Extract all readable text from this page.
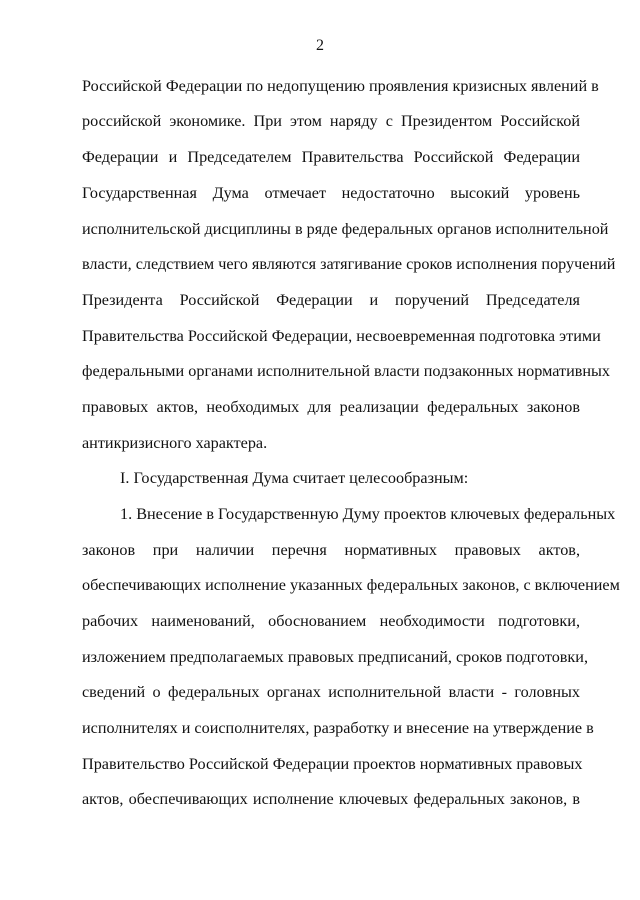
2
Российской Федерации по недопущению проявления кризисных явлений в
российской экономике. При этом наряду с Президентом Российской
Федерации и Председателем Правительства Российской Федерации
Государственная Дума отмечает недостаточно высокий уровень
исполнительской дисциплины в ряде федеральных органов исполнительной
власти, следствием чего являются затягивание сроков исполнения поручений
Президента Российской Федерации и поручений Председателя
Правительства Российской Федерации, несвоевременная подготовка этими
федеральными органами исполнительной власти подзаконных нормативных
правовых актов, необходимых для реализации федеральных законов
антикризисного характера.
I. Государственная Дума считает целесообразным:
1. Внесение в Государственную Думу проектов ключевых федеральных
законов при наличии перечня нормативных правовых актов,
обеспечивающих исполнение указанных федеральных законов, с включением
рабочих наименований, обоснованием необходимости подготовки,
изложением предполагаемых правовых предписаний, сроков подготовки,
сведений о федеральных органах исполнительной власти - головных
исполнителях и соисполнителях, разработку и внесение на утверждение в
Правительство Российской Федерации проектов нормативных правовых
актов, обеспечивающих исполнение ключевых федеральных законов, в
